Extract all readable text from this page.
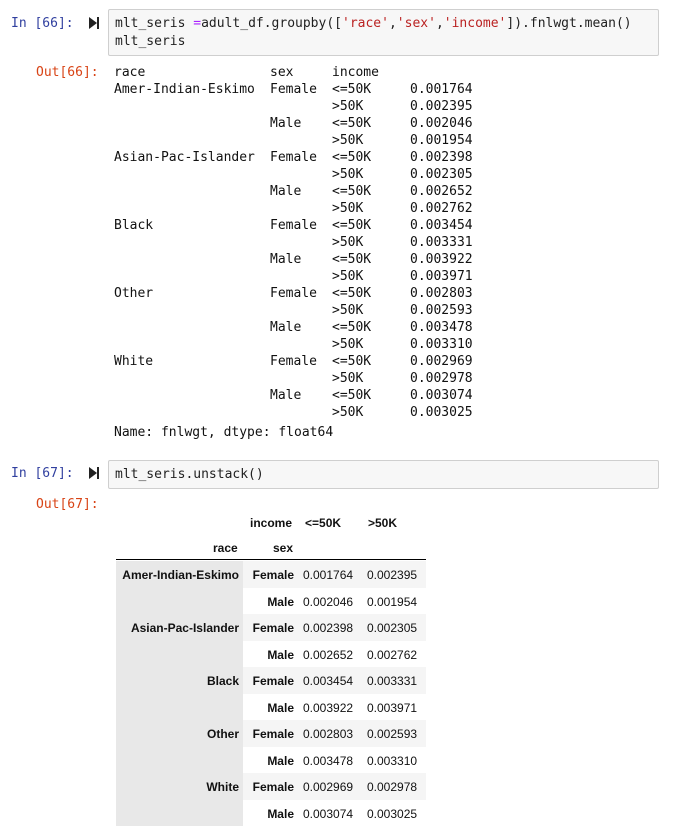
In [66]:	mlt_seris =adult_df.groupby(['race','sex','income']).fnlwgt.mean()
mlt_seris
Out[66]: race	sex	income
Amer-Indian-Eskimo Female <=50K	0.001764
>50K	0.002395
Male <=50K	0.002046
>50K	0.001954
Asian-Pac-Islander Female <=50K	0.002398
>50K	0.002305
Male <=50K	0.002652
>50K	0.002762
Black	Female <=50K	0.003454
>50K	0.003331
Male <=50K	0.003922
>50K	0.003971
Other	Female <=50K	0.002803
>50K	0.002593
Male <=50K	0.003478
>50K	0.003310
White	Female <=50K	0.002969
>50K	0.002978
Male <=50K	0.003074
>50K	0.003025
Name: fnlwgt, dtype: float64
In [67]:	mlt_seris.unstack()
Out[67]:
income <=50K >50K
race	sex
Amer-Indian-Eskimo Female 0.001764 0.002395
Male 0.002046 0.001954
Asian-Pac-Islander Female 0.002398 0.002305
Male 0.002652 0.002762
Black Female 0.003454 0.003331
Male 0.003922 0.003971
Other Female 0.002803 0.002593
Male 0.003478 0.003310
White Female 0.002969 0.002978
Male 0.003074 0.003025
